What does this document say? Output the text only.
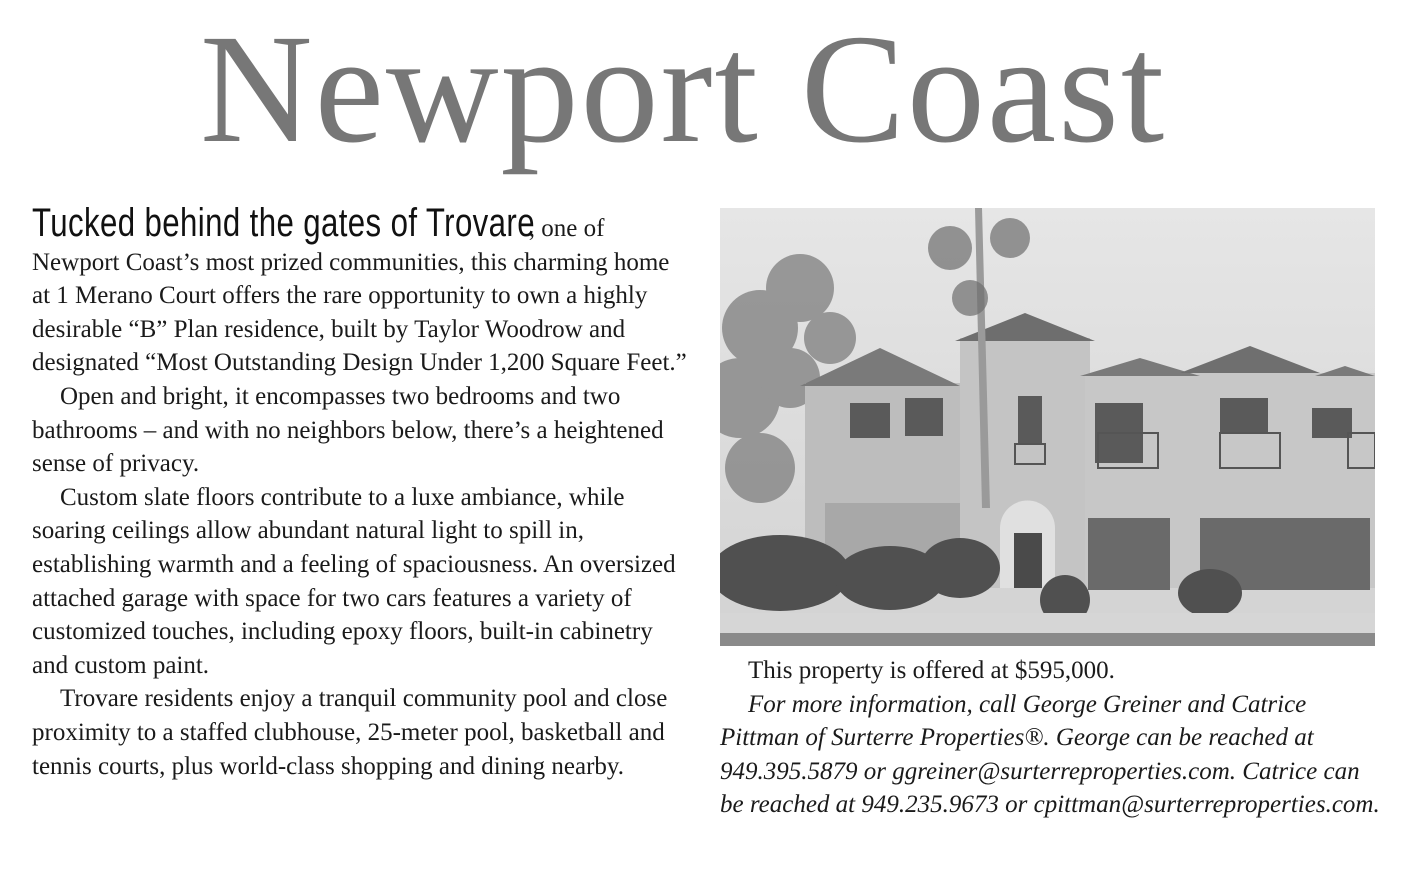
Newport Coast

Tucked behind the gates of Trovare, one of Newport Coast’s most prized communities, this charming home at 1 Merano Court offers the rare opportunity to own a highly desirable “B” Plan residence, built by Taylor Woodrow and designated “Most Outstanding Design Under 1,200 Square Feet.”

Open and bright, it encompasses two bedrooms and two bathrooms – and with no neighbors below, there’s a heightened sense of privacy.

Custom slate floors contribute to a luxe ambiance, while soaring ceilings allow abundant natural light to spill in, establishing warmth and a feeling of spaciousness. An oversized attached garage with space for two cars features a variety of customized touches, including epoxy floors, built-in cabinetry and custom paint.

Trovare residents enjoy a tranquil community pool and close proximity to a staffed clubhouse, 25-meter pool, basketball and tennis courts, plus world-class shopping and dining nearby.

This property is offered at $595,000.

For more information, call George Greiner and Catrice Pittman of Surterre Properties®. George can be reached at 949.395.5879 or ggreiner@surterreproperties.com. Catrice can be reached at 949.235.9673 or cpittman@surterreproperties.com.
